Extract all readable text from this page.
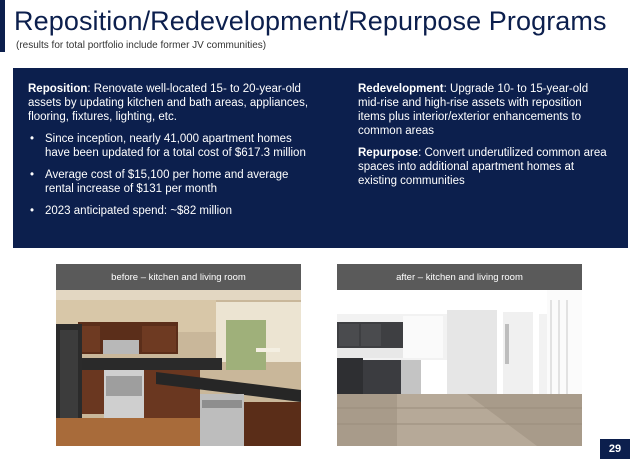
Reposition/Redevelopment/Repurpose Programs
(results for total portfolio include former JV communities)

Reposition: Renovate well-located 15- to 20-year-old assets by updating kitchen and bath areas, appliances, flooring, fixtures, lighting, etc.

• Since inception, nearly 41,000 apartment homes have been updated for a total cost of $617.3 million
• Average cost of $15,100 per home and average rental increase of $131 per month
• 2023 anticipated spend: ~$82 million

Redevelopment: Upgrade 10- to 15-year-old mid-rise and high-rise assets with reposition items plus interior/exterior enhancements to common areas

Repurpose: Convert underutilized common area spaces into additional apartment homes at existing communities

before – kitchen and living room	after – kitchen and living room
29
